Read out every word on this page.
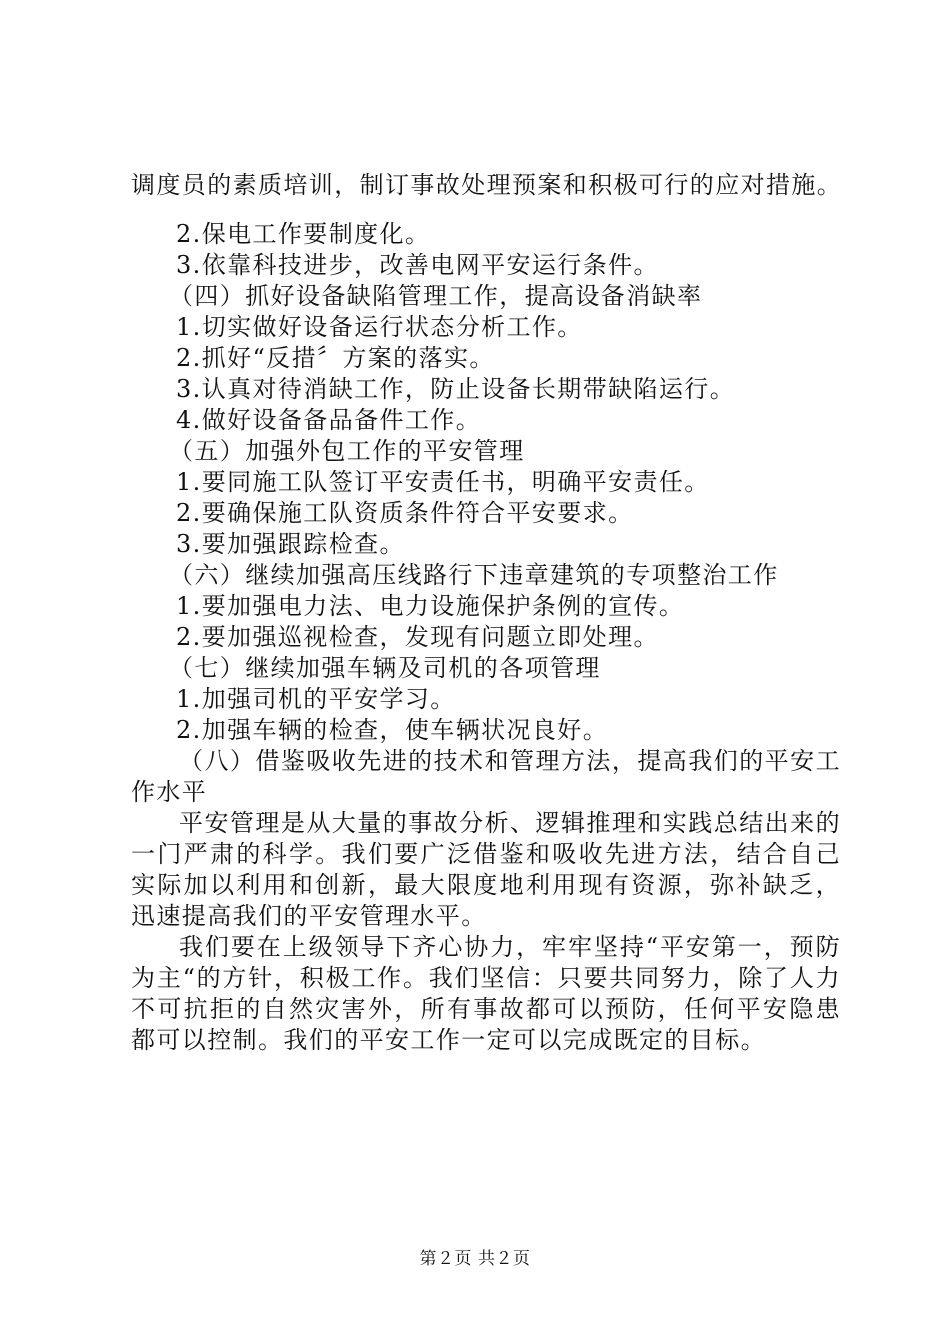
调度员的素质培训，制订事故处理预案和积极可行的应对措施。
2.保电工作要制度化。
3.依靠科技进步，改善电网平安运行条件。
（四）抓好设备缺陷管理工作，提高设备消缺率
1.切实做好设备运行状态分析工作。
2.抓好“反措〞方案的落实。
3.认真对待消缺工作，防止设备长期带缺陷运行。
4.做好设备备品备件工作。
（五）加强外包工作的平安管理
1.要同施工队签订平安责任书，明确平安责任。
2.要确保施工队资质条件符合平安要求。
3.要加强跟踪检查。
（六）继续加强高压线路行下违章建筑的专项整治工作
1.要加强电力法、电力设施保护条例的宣传。
2.要加强巡视检查，发现有问题立即处理。
（七）继续加强车辆及司机的各项管理
1.加强司机的平安学习。
2.加强车辆的检查，使车辆状况良好。

（八）借鉴吸收先进的技术和管理方法，提高我们的平安工作水平

平安管理是从大量的事故分析、逻辑推理和实践总结出来的一门严肃的科学。我们要广泛借鉴和吸收先进方法，结合自己实际加以利用和创新，最大限度地利用现有资源，弥补缺乏，迅速提高我们的平安管理水平。

我们要在上级领导下齐心协力，牢牢坚持“平安第一，预防为主“的方针，积极工作。我们坚信：只要共同努力，除了人力不可抗拒的自然灾害外，所有事故都可以预防，任何平安隐患都可以控制。我们的平安工作一定可以完成既定的目标。

第２页 共２页
